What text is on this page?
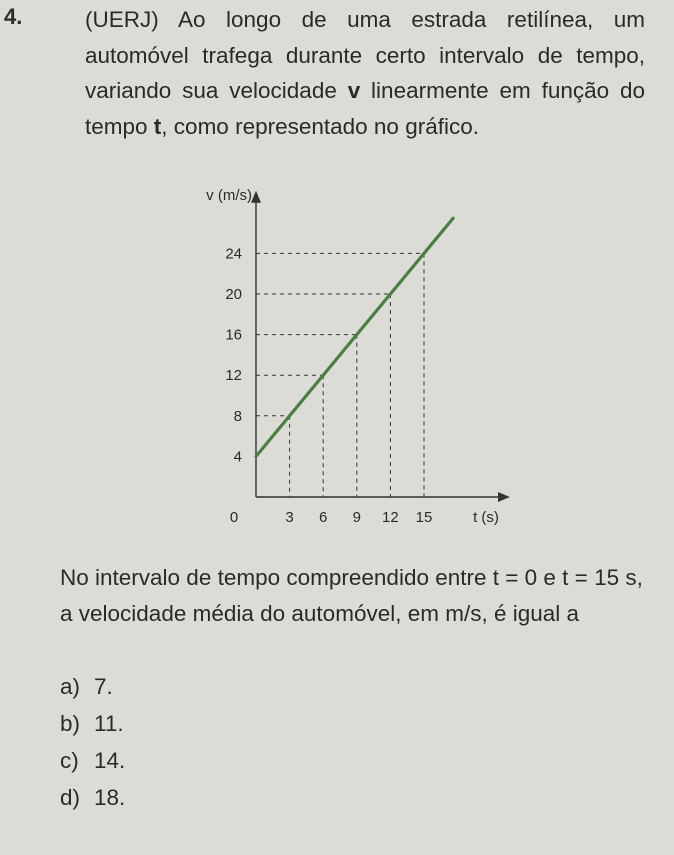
4.	(UERJ) Ao longo de uma estrada retilínea, um automóvel trafega durante certo intervalo de tempo, variando sua velocidade v linearmente em função do tempo t, como representado no gráfico.
4
8
12
16
20
24
3 6 9 12 15
0
v (m/s)
t (s)
No intervalo de tempo compreendido entre t = 0 e t = 15 s, a velocidade média do automóvel, em m/s, é igual a
a) 7.
b) 11.
c) 14.
d) 18.
